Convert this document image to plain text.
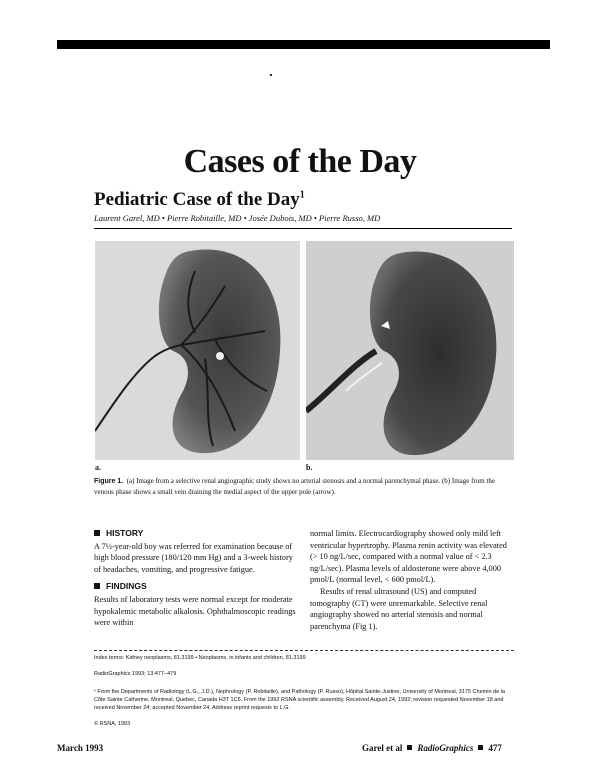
Cases of the Day
Pediatric Case of the Day$^1$
Laurent Garel, MD • Pierre Robitaille, MD • Josée Dubois, MD • Pierre Russo, MD
a.	b.
Figure 1. (a) Image from a selective renal angiographic study shows no arterial stenosis and a normal parenchymal phase. (b) Image from the venous phase shows a small vein draining the medial aspect of the upper pole (arrow).
HISTORY

A 7½-year-old boy was referred for examination because of high blood pressure (180/120 mm Hg) and a 3-week history of headaches, vomiting, and progressive fatigue.

FINDINGS

Results of laboratory tests were normal except for moderate hypokalemic metabolic alkalosis. Ophthalmoscopic readings were within

normal limits. Electrocardiography showed only mild left ventricular hypertrophy. Plasma renin activity was elevated (> 10 ng/L/sec, compared with a normal value of < 2.3 ng/L/sec). Plasma levels of aldosterone were above 4,000 pmol/L (normal level, < 600 pmol/L).

Results of renal ultrasound (US) and computed tomography (CT) were unremarkable. Selective renal angiography showed no arterial stenosis and normal parenchyma (Fig 1).

Index terms: Kidney neoplasms, 81.3199 • Neoplasms, in infants and children, 81.3199
RadioGraphics 1993; 13:477–479
¹ From the Departments of Radiology (L.G., J.D.), Nephrology (P. Robitaille), and Pathology (P. Russo), Hôpital Sainte-Justine, University of Montreal, 3175 Chemin de la Côte Sainte Catherine, Montreal, Quebec, Canada H3T 1C5. From the 1992 RSNA scientific assembly. Received August 24, 1992; revision requested November 18 and received November 24; accepted November 24. Address reprint requests to L.G.
© RSNA, 1993
March 1993	Garel et al RadioGraphics 477
